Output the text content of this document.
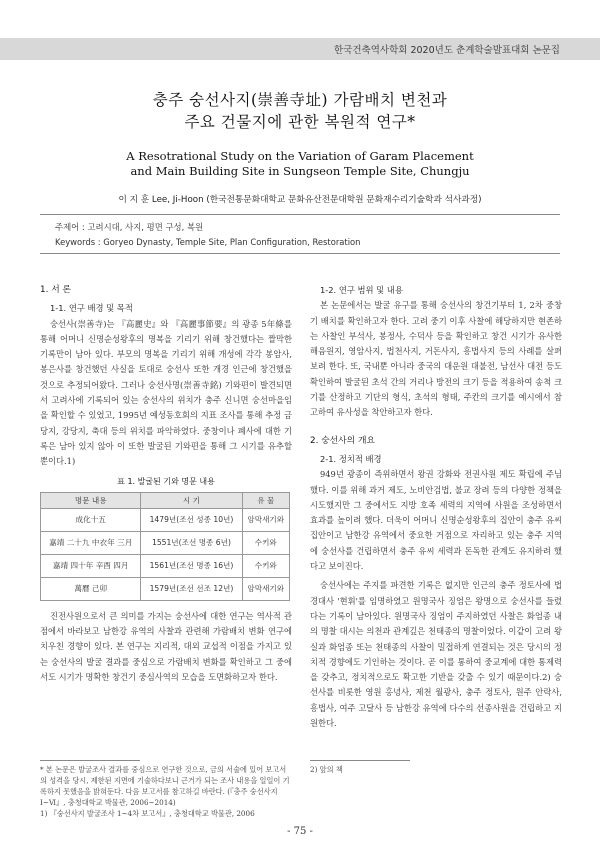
한국건축역사학회 2020년도 춘계학술발표대회 논문집
충주 숭선사지(崇善寺址) 가람배치 변천과
주요 건물지에 관한 복원적 연구*
A Resotrational Study on the Variation of Garam Placement
and Main Building Site in Sungseon Temple Site, Chungju
이 지 훈 Lee, Ji-Hoon (한국전통문화대학교 문화유산전문대학원 문화재수리기술학과 석사과정)
주제어 : 고려시대, 사지, 평면 구성, 복원
Keywords : Goryeo Dynasty, Temple Site, Plan Configuration, Restoration
1. 서 론
1-1. 연구 배경 및 목적

숭선사(崇善寺)는 『高麗史』와 『高麗事節要』의 광종 5年條를 통해 어머니 신명순성왕후의 명복을 기리기 위해 창건했다는 짤막한 기록만이 남아 있다. 부모의 명복을 기리기 위해 개성에 각각 봉암사, 봉은사를 창건했던 사실을 토대로 숭선사 또한 개경 인근에 창건했을 것으로 추정되어왔다. 그러나 숭선사명(崇善寺銘) 기와편이 발견되면서 고려사에 기록되어 있는 숭선사의 위치가 충주 신니면 숭선마을임을 확인할 수 있었고, 1995년 예성동호회의 지표 조사를 통해 추정 금당지, 강당지, 축대 등의 위치를 파악하였다. 중창이나 폐사에 대한 기록은 남아 있지 않아 이 또한 발굴된 기와편을 통해 그 시기를 유추할 뿐이다.1)

표 1. 발굴된 기와 명문 내용
명문 내용	시 기	유 물
成化十五	1479년(조선 성종 10년)	암막새기와
嘉靖 二十九 中衣年 三月	1551년(조선 명종 6년)	수키와
嘉靖 四十年 辛酉 四月	1561년(조선 명종 16년)	수키와
萬曆 己卯	1579년(조선 선조 12년)	암막새기와

진전사원으로서 큰 의미를 가지는 숭선사에 대한 연구는 역사적 관점에서 바라보고 남한강 유역의 사찰과 관련해 가람배치 변화 연구에 치우친 경향이 있다. 본 연구는 지리적, 대외 교섭적 이점을 가지고 있는 숭선사의 발굴 결과를 중심으로 가람배치 변화를 확인하고 그 중에서도 시기가 명확한 창건기 중심사역의 모습을 도면화하고자 한다.

1-2. 연구 범위 및 내용

본 논문에서는 발굴 유구를 통해 숭선사의 창건기부터 1, 2차 중창기 배치를 확인하고자 한다. 고려 중기 이후 사찰에 해당하지만 현존하는 사찰인 부석사, 봉정사, 수덕사 등을 확인하고 창건 시기가 유사한 해음원지, 영암사지, 법천사지, 거돈사지, 흥법사지 등의 사례를 살펴보려 한다. 또, 국내뿐 아니라 중국의 대운원 대불전, 남선사 대전 등도 확인하여 발굴된 초석 간의 거리나 방전의 크기 등을 적용하여 송척 크기를 산정하고 기단의 형식, 초석의 형태, 주칸의 크기를 예시에서 참고하여 유사성을 착안하고자 한다.

2. 숭선사의 개요
2-1. 정치적 배경

949년 광종이 즉위하면서 왕권 강화와 전권사원 제도 확립에 주님했다. 이를 위해 과거 제도, 노비안검법, 불교 장려 등의 다양한 정책을 시도했지만 그 중에서도 지방 호족 세력의 지역에 사원을 조성하면서 효과를 높이려 했다. 더욱이 어머니 신명순성왕후의 집안이 충주 유씨 집안이고 남한강 유역에서 중요한 거점으로 자리하고 있는 충주 지역에 숭선사를 건립하면서 충주 유씨 세력과 돈독한 관계도 유지하려 했다고 보이진다.

숭선사에는 주지를 파견한 기록은 없지만 인근의 충주 정토사에 법경대사 '현휘'를 임명하였고 원명국사 징엄은 왕명으로 숭선사를 들렸다는 기록이 남아있다. 원명국사 징엄이 주지하였던 사찰은 화엄종 내의 명찰 대시는 의천과 관계깊은 천태종의 명찰이었다. 이같이 고려 왕실과 화엄종 또는 천태종의 사찰이 밀접하게 연결되는 것은 당시의 정치적 경향에도 기인하는 것이다. 곧 이를 통하여 중교계에 대한 통제력을 갖추고, 정치적으로도 확고한 기반을 갖출 수 있기 때문이다.2) 숭선사를 비롯한 영원 홍녕사, 제천 월광사, 충주 정토사, 원주 안락사, 흥법사, 여주 고달사 등 남한강 유역에 다수의 선종사원을 건립하고 지원한다.

* 본 논문은 발굴조사 결과를 중심으로 연구한 것으로, 금의 서술에 있어 보고서의 성격을 당시, 제한된 지면에 기술하다보니 근거가 되는 조사 내용을 일일이 기록하지 못했음을 밝혀둔다. 다음 보고서를 참고하길 바란다. (『충주 숭선사지 Ⅰ~Ⅵ』, 충청대학교 박물관, 2006~2014)

1) 『숭선사지 발굴조사 1~4차 보고서』, 충청대학교 박물관, 2006

2) 앞의 책

- 75 -
